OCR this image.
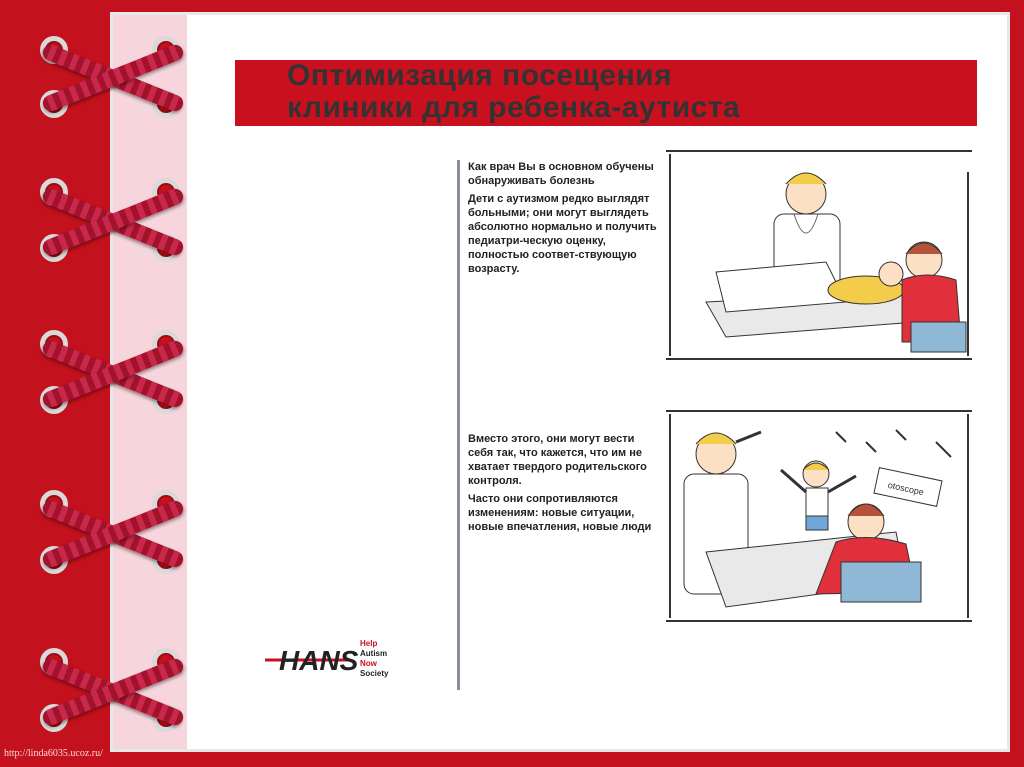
Оптимизация посещения
клиники для ребенка-аутиста

Как врач Вы в основном обучены обнаруживать болезнь

Дети с аутизмом редко выглядят больными; они могут выглядеть абсолютно нормально и получить педиатри-ческую оценку, полностью соответ-ствующую возрасту.

Вместо этого, они могут вести себя так, что кажется, что им не хватает твердого родительского контроля.

Часто они сопротивляются изменениям: новые ситуации, новые впечатления, новые люди

otoscope
HANS
Help
Autism
Now
Society
http://linda6035.ucoz.ru/
